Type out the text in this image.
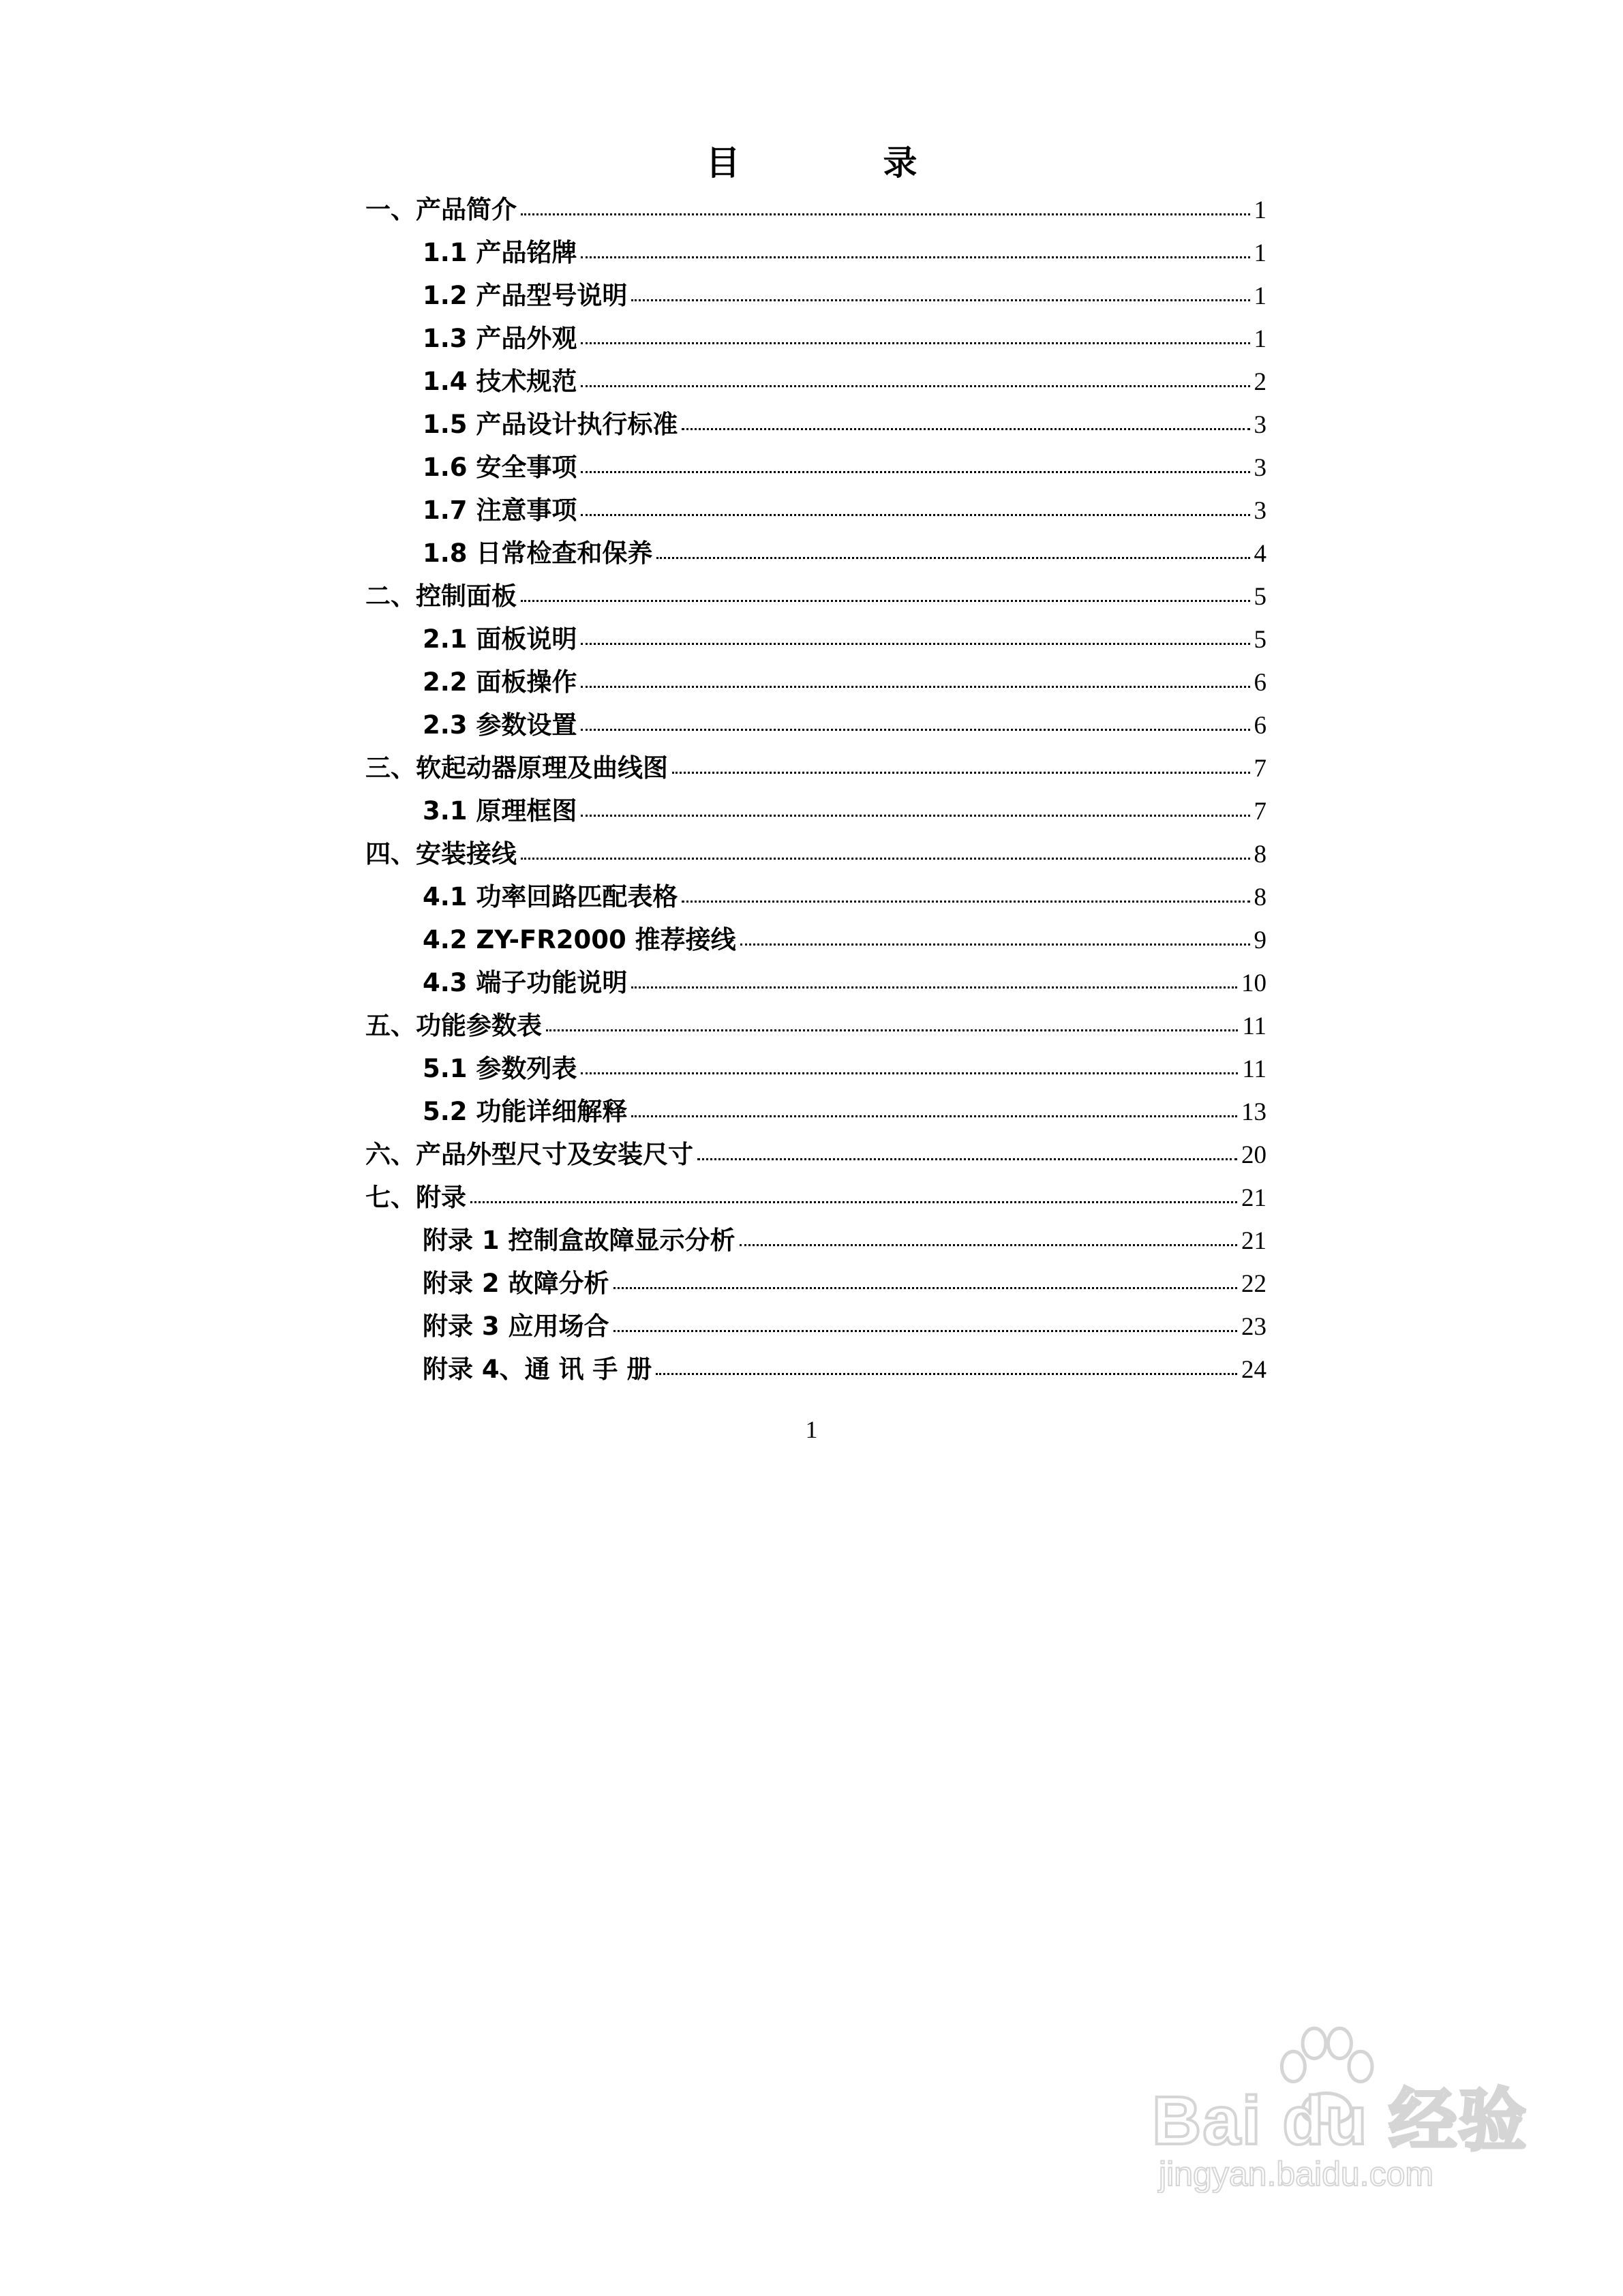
目　录
一、产品简介	1
1.1 产品铭牌	1
1.2 产品型号说明	1
1.3 产品外观	1
1.4 技术规范	2
1.5 产品设计执行标准	3
1.6 安全事项	3
1.7 注意事项	3
1.8 日常检查和保养	4
二、控制面板	5
2.1 面板说明	5
2.2 面板操作	6
2.3 参数设置	6
三、软起动器原理及曲线图	7
3.1 原理框图	7
四、安装接线	8
4.1 功率回路匹配表格	8
4.2 ZY-FR2000 推荐接线	9
4.3 端子功能说明	10
五、功能参数表	11
5.1 参数列表	11
5.2 功能详细解释	13
六、产品外型尺寸及安装尺寸	20
七、附录	21
附录 1 控制盒故障显示分析	21
附录 2 故障分析	22
附录 3 应用场合	23
附录 4、通 讯 手 册	24
1
Bai du 经验
jingyan.baidu.com
